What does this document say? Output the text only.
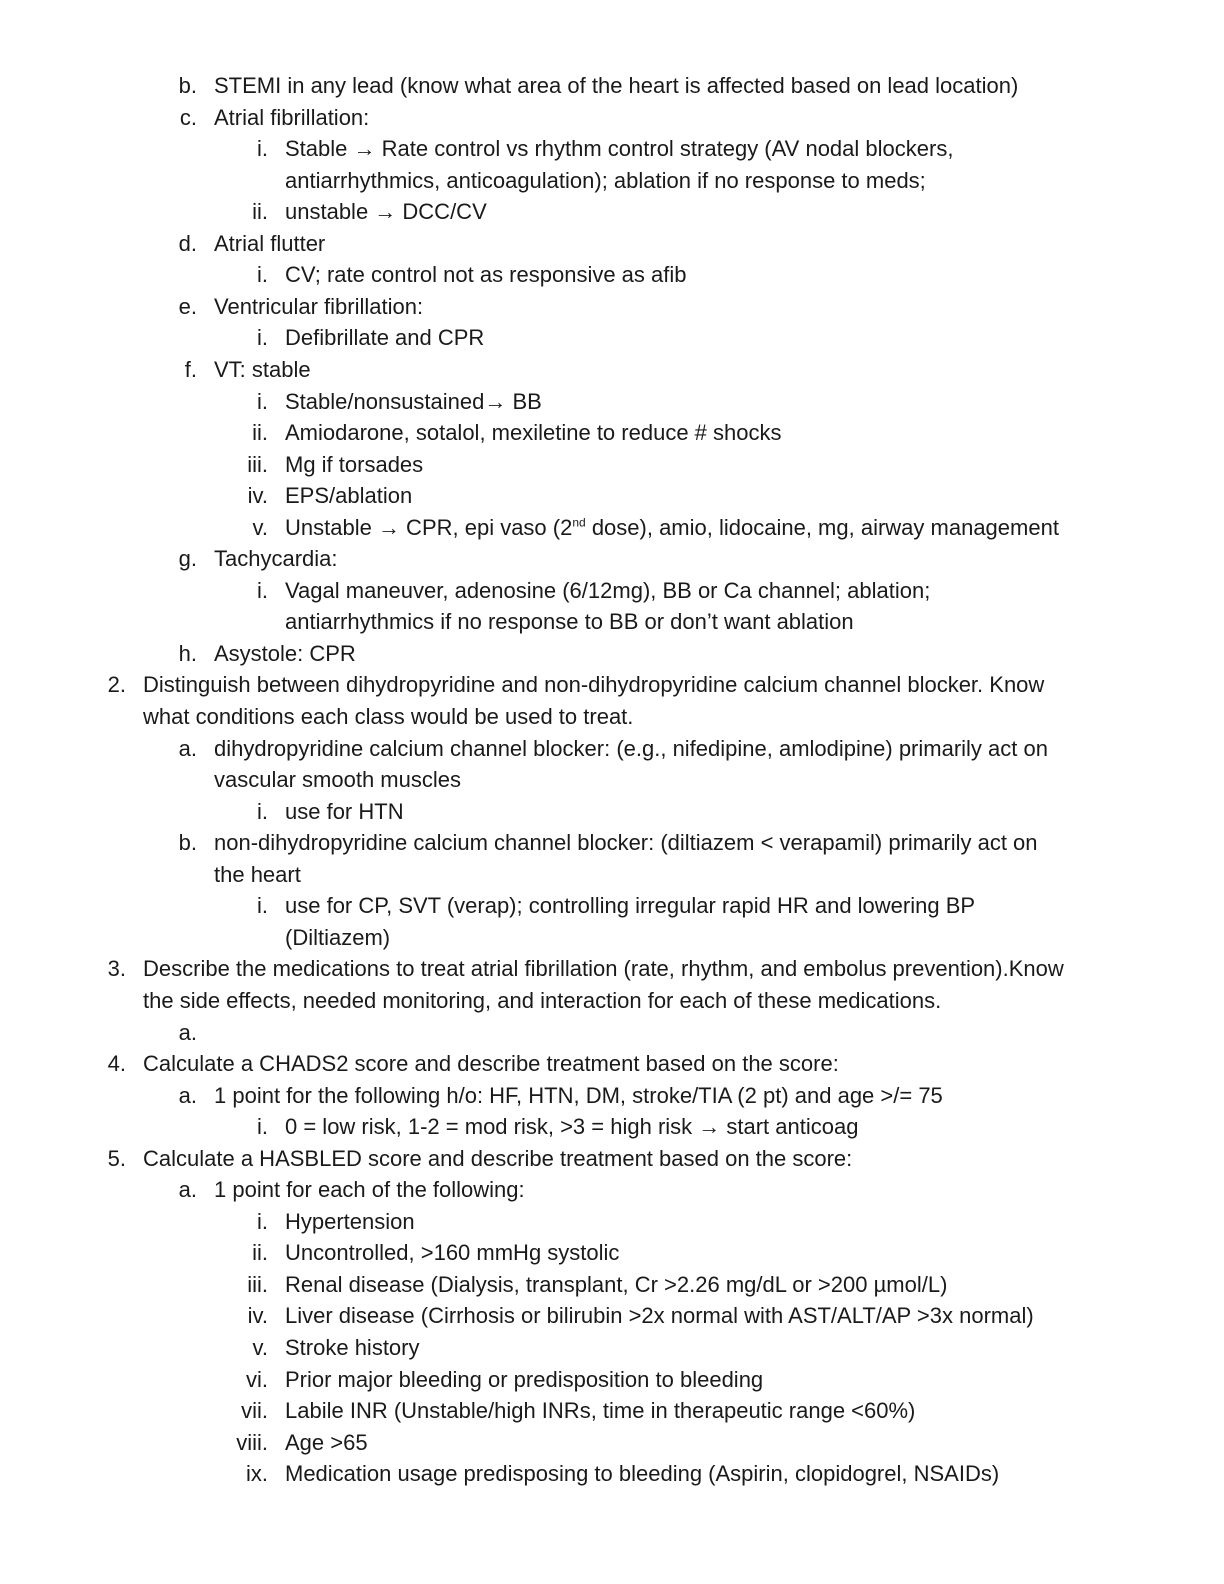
b. STEMI in any lead (know what area of the heart is affected based on lead location)
c. Atrial fibrillation:
i. Stable → Rate control vs rhythm control strategy (AV nodal blockers,
antiarrhythmics, anticoagulation); ablation if no response to meds;
ii. unstable → DCC/CV
d. Atrial flutter
i. CV; rate control not as responsive as afib
e. Ventricular fibrillation:
i. Defibrillate and CPR
f. VT: stable
i. Stable/nonsustained→ BB
ii. Amiodarone, sotalol, mexiletine to reduce # shocks
iii. Mg if torsades
iv. EPS/ablation
v. Unstable → CPR, epi vaso (2nd dose), amio, lidocaine, mg, airway management
g. Tachycardia:
i. Vagal maneuver, adenosine (6/12mg), BB or Ca channel; ablation;
antiarrhythmics if no response to BB or don’t want ablation
h. Asystole: CPR
2. Distinguish between dihydropyridine and non-dihydropyridine calcium channel blocker. Know
what conditions each class would be used to treat.
a. dihydropyridine calcium channel blocker: (e.g., nifedipine, amlodipine) primarily act on
vascular smooth muscles
i. use for HTN
b. non-dihydropyridine calcium channel blocker: (diltiazem < verapamil) primarily act on
the heart
i. use for CP, SVT (verap); controlling irregular rapid HR and lowering BP
(Diltiazem)
3. Describe the medications to treat atrial fibrillation (rate, rhythm, and embolus prevention).Know
the side effects, needed monitoring, and interaction for each of these medications.
a.
4. Calculate a CHADS2 score and describe treatment based on the score:
a. 1 point for the following h/o: HF, HTN, DM, stroke/TIA (2 pt) and age >/= 75
i. 0 = low risk, 1-2 = mod risk, >3 = high risk → start anticoag
5. Calculate a HASBLED score and describe treatment based on the score:
a. 1 point for each of the following:
i. Hypertension
ii. Uncontrolled, >160 mmHg systolic
iii. Renal disease (Dialysis, transplant, Cr >2.26 mg/dL or >200 µmol/L)
iv. Liver disease (Cirrhosis or bilirubin >2x normal with AST/ALT/AP >3x normal)
v. Stroke history
vi. Prior major bleeding or predisposition to bleeding
vii. Labile INR (Unstable/high INRs, time in therapeutic range <60%)
viii. Age >65
ix. Medication usage predisposing to bleeding (Aspirin, clopidogrel, NSAIDs)
